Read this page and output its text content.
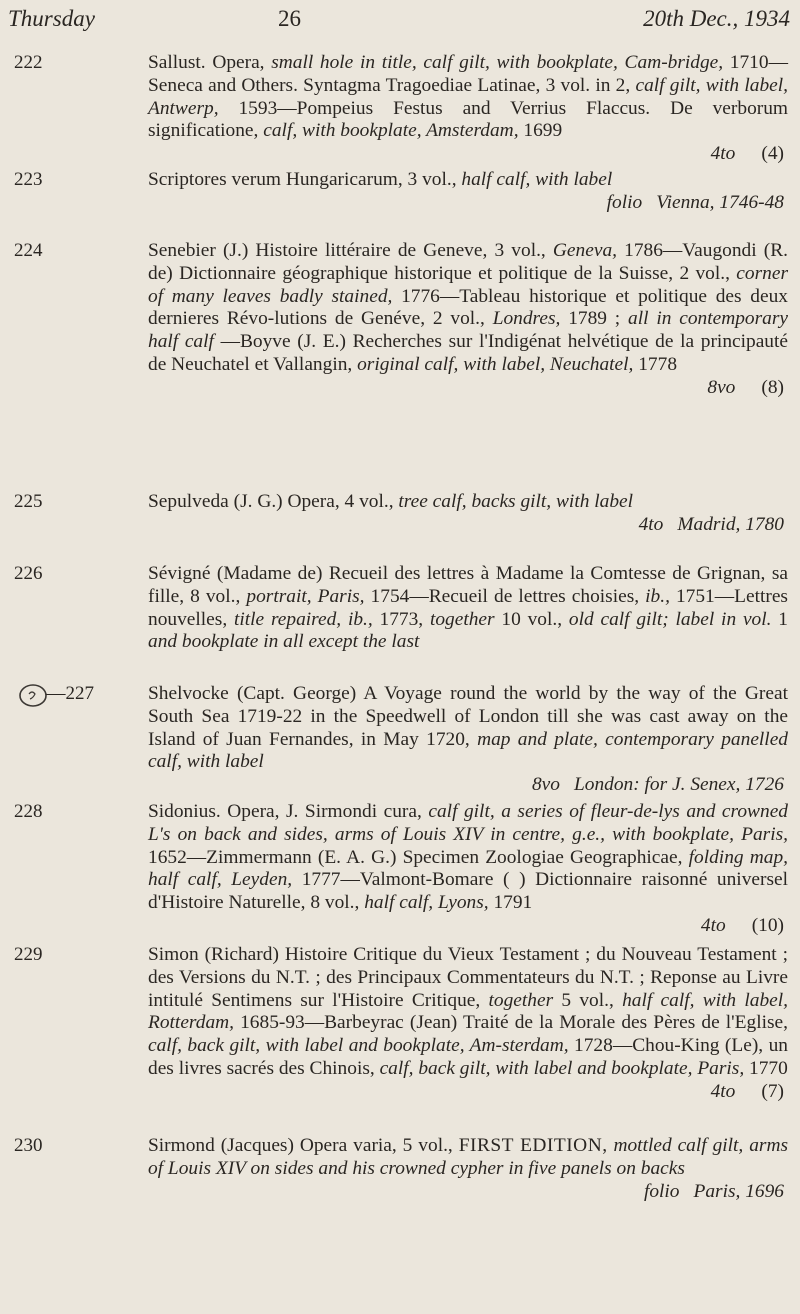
Thursday	26	20th Dec., 1934
222	Sallust. Opera, small hole in title, calf gilt, with bookplate, Cam-bridge, 1710—Seneca and Others. Syntagma Tragoediae Latinae, 3 vol. in 2, calf gilt, with label, Antwerp, 1593—Pompeius Festus and Verrius Flaccus. De verborum significatione, calf, with bookplate, Amsterdam, 1699
4to (4)
223	Scriptores verum Hungaricarum, 3 vol., half calf, with label
folio Vienna, 1746-48
224	Senebier (J.) Histoire littéraire de Geneve, 3 vol., Geneva, 1786—Vaugondi (R. de) Dictionnaire géographique historique et politique de la Suisse, 2 vol., corner of many leaves badly stained, 1776—Tableau historique et politique des deux dernieres Révo-lutions de Genéve, 2 vol., Londres, 1789 ; all in contemporary half calf —Boyve (J. E.) Recherches sur l'Indigénat helvétique de la principauté de Neuchatel et Vallangin, original calf, with label, Neuchatel, 1778
8vo (8)
225	Sepulveda (J. G.) Opera, 4 vol., tree calf, backs gilt, with label
4to Madrid, 1780
226	Sévigné (Madame de) Recueil des lettres à Madame la Comtesse de Grignan, sa fille, 8 vol., portrait, Paris, 1754—Recueil de lettres choisies, ib., 1751—Lettres nouvelles, title repaired, ib., 1773, together 10 vol., old calf gilt; label in vol. 1 and bookplate in all except the last
—227	Shelvocke (Capt. George) A Voyage round the world by the way of the Great South Sea 1719-22 in the Speedwell of London till she was cast away on the Island of Juan Fernandes, in May 1720, map and plate, contemporary panelled calf, with label
8vo London: for J. Senex, 1726
228	Sidonius. Opera, J. Sirmondi cura, calf gilt, a series of fleur-de-lys and crowned L's on back and sides, arms of Louis XIV in centre, g.e., with bookplate, Paris, 1652—Zimmermann (E. A. G.) Specimen Zoologiae Geographicae, folding map, half calf, Leyden, 1777—Valmont-Bomare ( ) Dictionnaire raisonné universel d'Histoire Naturelle, 8 vol., half calf, Lyons, 1791
4to (10)
229	Simon (Richard) Histoire Critique du Vieux Testament ; du Nouveau Testament ; des Versions du N.T. ; des Principaux Commentateurs du N.T. ; Reponse au Livre intitulé Sentimens sur l'Histoire Critique, together 5 vol., half calf, with label, Rotterdam, 1685-93—Barbeyrac (Jean) Traité de la Morale des Pères de l'Eglise, calf, back gilt, with label and bookplate, Am-sterdam, 1728—Chou-King (Le), un des livres sacrés des Chinois, calf, back gilt, with label and bookplate, Paris, 1770
4to (7)
230	Sirmond (Jacques) Opera varia, 5 vol., FIRST EDITION, mottled calf gilt, arms of Louis XIV on sides and his crowned cypher in five panels on backs
folio Paris, 1696
